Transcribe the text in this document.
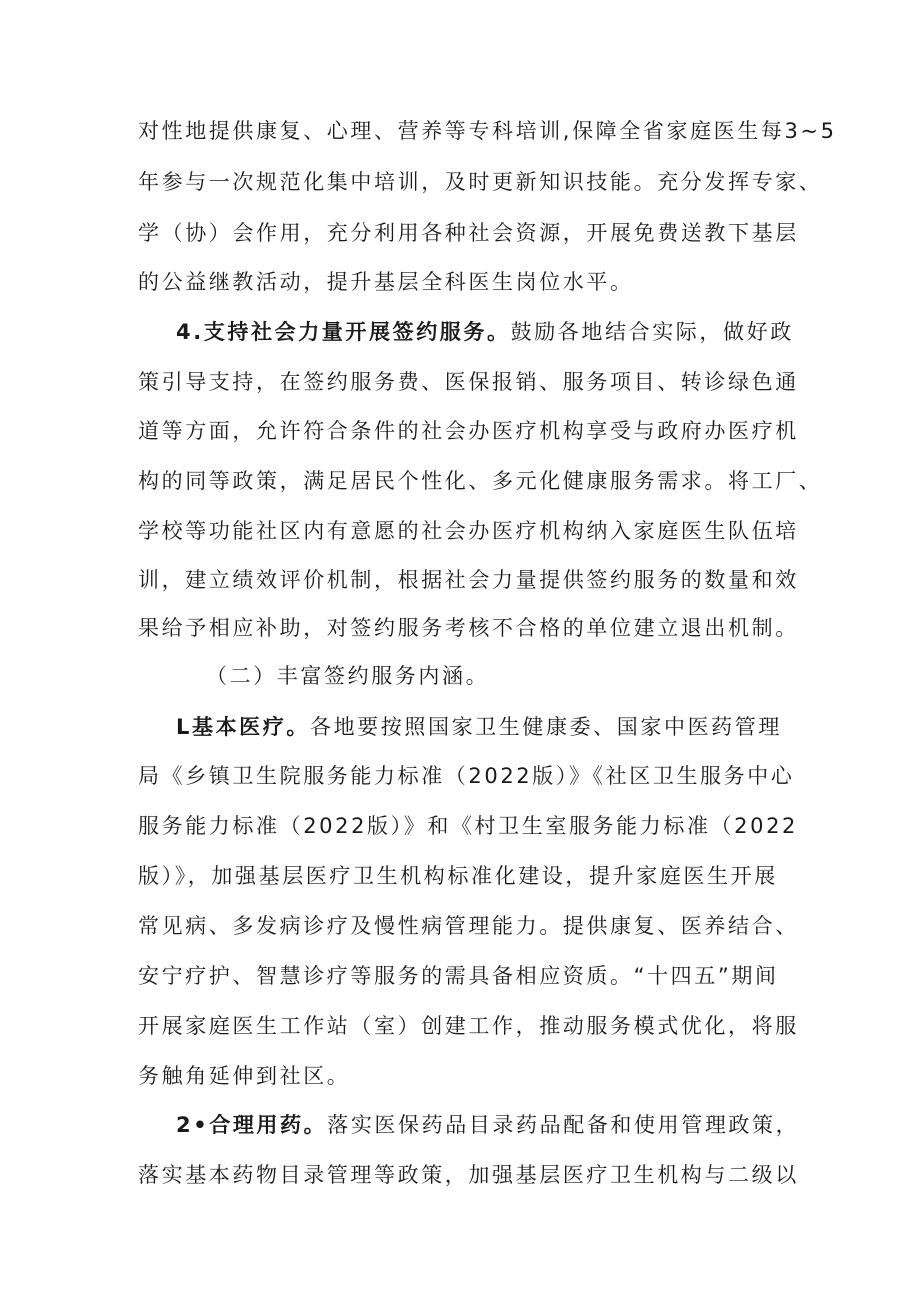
对性地提供康复、心理、营养等专科培训,保障全省家庭医生每3~5
年参与一次规范化集中培训，及时更新知识技能。充分发挥专家、
学（协）会作用，充分利用各种社会资源，开展免费送教下基层
的公益继教活动，提升基层全科医生岗位水平。
4.支持社会力量开展签约服务。鼓励各地结合实际，做好政
策引导支持，在签约服务费、医保报销、服务项目、转诊绿色通
道等方面，允许符合条件的社会办医疗机构享受与政府办医疗机
构的同等政策，满足居民个性化、多元化健康服务需求。将工厂、
学校等功能社区内有意愿的社会办医疗机构纳入家庭医生队伍培
训，建立绩效评价机制，根据社会力量提供签约服务的数量和效
果给予相应补助，对签约服务考核不合格的单位建立退出机制。
（二）丰富签约服务内涵。
L基本医疗。各地要按照国家卫生健康委、国家中医药管理
局《乡镇卫生院服务能力标准（2022版）》《社区卫生服务中心
服务能力标准（2022版）》和《村卫生室服务能力标准（2022
版）》，加强基层医疗卫生机构标准化建设，提升家庭医生开展
常见病、多发病诊疗及慢性病管理能力。提供康复、医养结合、
安宁疗护、智慧诊疗等服务的需具备相应资质。“十四五”期间
开展家庭医生工作站（室）创建工作，推动服务模式优化，将服
务触角延伸到社区。
2•合理用药。落实医保药品目录药品配备和使用管理政策，
落实基本药物目录管理等政策，加强基层医疗卫生机构与二级以
